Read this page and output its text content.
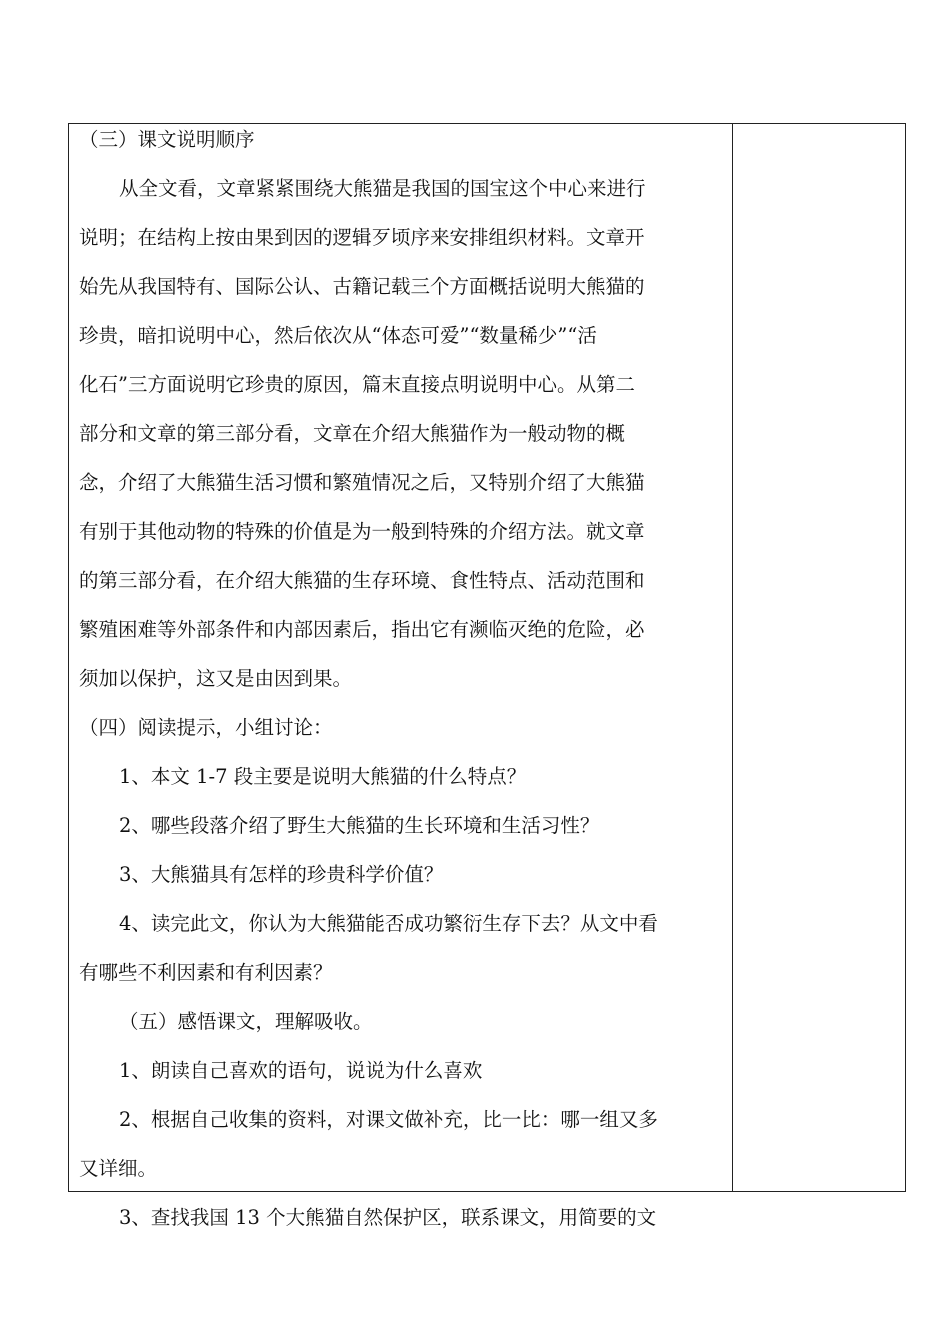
（三）课文说明顺序
从全文看，文章紧紧围绕大熊猫是我国的国宝这个中心来进行
说明；在结构上按由果到因的逻辑歹顷序来安排组织材料。文章开
始先从我国特有、国际公认、古籍记载三个方面概括说明大熊猫的
珍贵，暗扣说明中心，然后依次从“体态可爱”“数量稀少”“活
化石”三方面说明它珍贵的原因，篇末直接点明说明中心。从第二
部分和文章的第三部分看，文章在介绍大熊猫作为一般动物的概
念，介绍了大熊猫生活习惯和繁殖情况之后，又特别介绍了大熊猫
有别于其他动物的特殊的价值是为一般到特殊的介绍方法。就文章
的第三部分看，在介绍大熊猫的生存环境、食性特点、活动范围和
繁殖困难等外部条件和内部因素后，指出它有濒临灭绝的危险，必
须加以保护，这又是由因到果。
（四）阅读提示，小组讨论：
1、本文 1-7 段主要是说明大熊猫的什么特点？
2、哪些段落介绍了野生大熊猫的生长环境和生活习性？
3、大熊猫具有怎样的珍贵科学价值？
4、读完此文，你认为大熊猫能否成功繁衍生存下去？从文中看
有哪些不利因素和有利因素？
（五）感悟课文，理解吸收。
1、朗读自己喜欢的语句，说说为什么喜欢
2、根据自己收集的资料，对课文做补充，比一比：哪一组又多
又详细。
3、查找我国 13 个大熊猫自然保护区，联系课文，用简要的文
